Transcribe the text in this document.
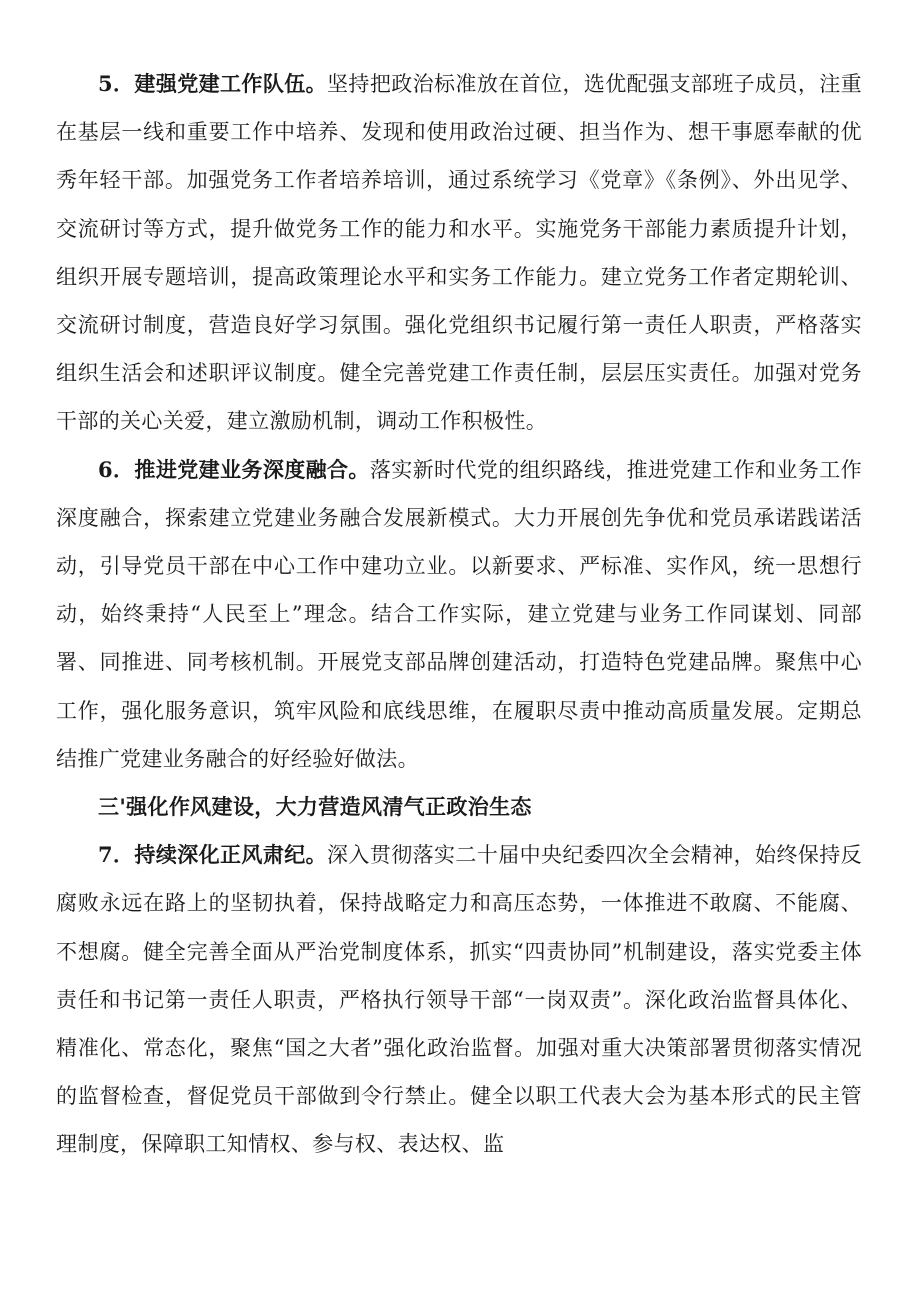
5．建强党建工作队伍。坚持把政治标准放在首位，选优配强支部班子成员，注重在基层一线和重要工作中培养、发现和使用政治过硬、担当作为、想干事愿奉献的优秀年轻干部。加强党务工作者培养培训，通过系统学习《党章》《条例》、外出见学、交流研讨等方式，提升做党务工作的能力和水平。实施党务干部能力素质提升计划，组织开展专题培训，提高政策理论水平和实务工作能力。建立党务工作者定期轮训、交流研讨制度，营造良好学习氛围。强化党组织书记履行第一责任人职责，严格落实组织生活会和述职评议制度。健全完善党建工作责任制，层层压实责任。加强对党务干部的关心关爱，建立激励机制，调动工作积极性。

6．推进党建业务深度融合。落实新时代党的组织路线，推进党建工作和业务工作深度融合，探索建立党建业务融合发展新模式。大力开展创先争优和党员承诺践诺活动，引导党员干部在中心工作中建功立业。以新要求、严标准、实作风，统一思想行动，始终秉持“人民至上”理念。结合工作实际，建立党建与业务工作同谋划、同部署、同推进、同考核机制。开展党支部品牌创建活动，打造特色党建品牌。聚焦中心工作，强化服务意识，筑牢风险和底线思维，在履职尽责中推动高质量发展。定期总结推广党建业务融合的好经验好做法。

三'强化作风建设，大力营造风清气正政治生态

7．持续深化正风肃纪。深入贯彻落实二十届中央纪委四次全会精神，始终保持反腐败永远在路上的坚韧执着，保持战略定力和高压态势，一体推进不敢腐、不能腐、不想腐。健全完善全面从严治党制度体系，抓实“四责协同”机制建设，落实党委主体责任和书记第一责任人职责，严格执行领导干部“一岗双责”。深化政治监督具体化、精准化、常态化，聚焦“国之大者”强化政治监督。加强对重大决策部署贯彻落实情况的监督检查，督促党员干部做到令行禁止。健全以职工代表大会为基本形式的民主管理制度，保障职工知情权、参与权、表达权、监
